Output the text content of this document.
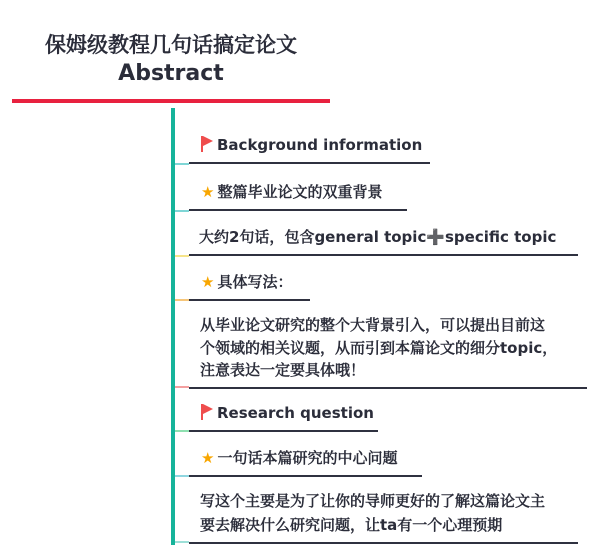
保姆级教程几句话搞定论文
Abstract
Background information
★ 整篇毕业论文的双重背景
大约2句话，包含general topic➕specific topic
★ 具体写法：
从毕业论文研究的整个大背景引入，可以提出目前这
个领域的相关议题，从而引到本篇论文的细分topic，
注意表达一定要具体哦！
Research question
★ 一句话本篇研究的中心问题
写这个主要是为了让你的导师更好的了解这篇论文主
要去解决什么研究问题，让ta有一个心理预期
